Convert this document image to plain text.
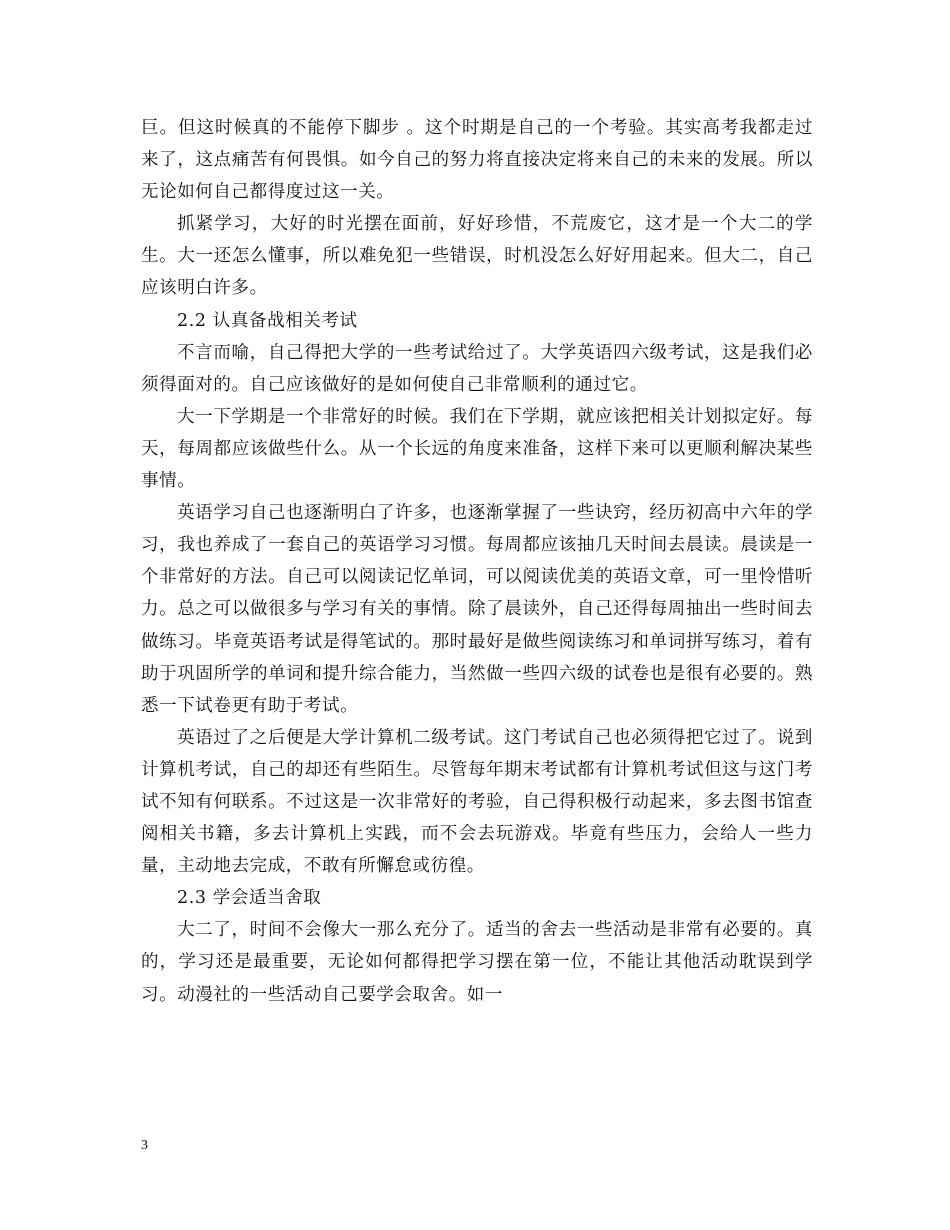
巨。但这时候真的不能停下脚步 。这个时期是自己的一个考验。其实高考我都走过来了，这点痛苦有何畏惧。如今自己的努力将直接决定将来自己的未来的发展。所以无论如何自己都得度过这一关。

抓紧学习，大好的时光摆在面前，好好珍惜，不荒废它，这才是一个大二的学生。大一还怎么懂事，所以难免犯一些错误，时机没怎么好好用起来。但大二，自己应该明白许多。

2.2 认真备战相关考试

不言而喻，自己得把大学的一些考试给过了。大学英语四六级考试，这是我们必须得面对的。自己应该做好的是如何使自己非常顺利的通过它。

大一下学期是一个非常好的时候。我们在下学期，就应该把相关计划拟定好。每天，每周都应该做些什么。从一个长远的角度来准备，这样下来可以更顺利解决某些事情。

英语学习自己也逐渐明白了许多，也逐渐掌握了一些诀窍，经历初高中六年的学习，我也养成了一套自己的英语学习习惯。每周都应该抽几天时间去晨读。晨读是一个非常好的方法。自己可以阅读记忆单词，可以阅读优美的英语文章，可一里怜惜听力。总之可以做很多与学习有关的事情。除了晨读外，自己还得每周抽出一些时间去做练习。毕竟英语考试是得笔试的。那时最好是做些阅读练习和单词拼写练习，着有助于巩固所学的单词和提升综合能力，当然做一些四六级的试卷也是很有必要的。熟悉一下试卷更有助于考试。

英语过了之后便是大学计算机二级考试。这门考试自己也必须得把它过了。说到计算机考试，自己的却还有些陌生。尽管每年期末考试都有计算机考试但这与这门考试不知有何联系。不过这是一次非常好的考验，自己得积极行动起来，多去图书馆查阅相关书籍，多去计算机上实践，而不会去玩游戏。毕竟有些压力，会给人一些力量，主动地去完成，不敢有所懈怠或彷徨。

2.3 学会适当舍取

大二了，时间不会像大一那么充分了。适当的舍去一些活动是非常有必要的。真的，学习还是最重要，无论如何都得把学习摆在第一位，不能让其他活动耽误到学习。动漫社的一些活动自己要学会取舍。如一

3
